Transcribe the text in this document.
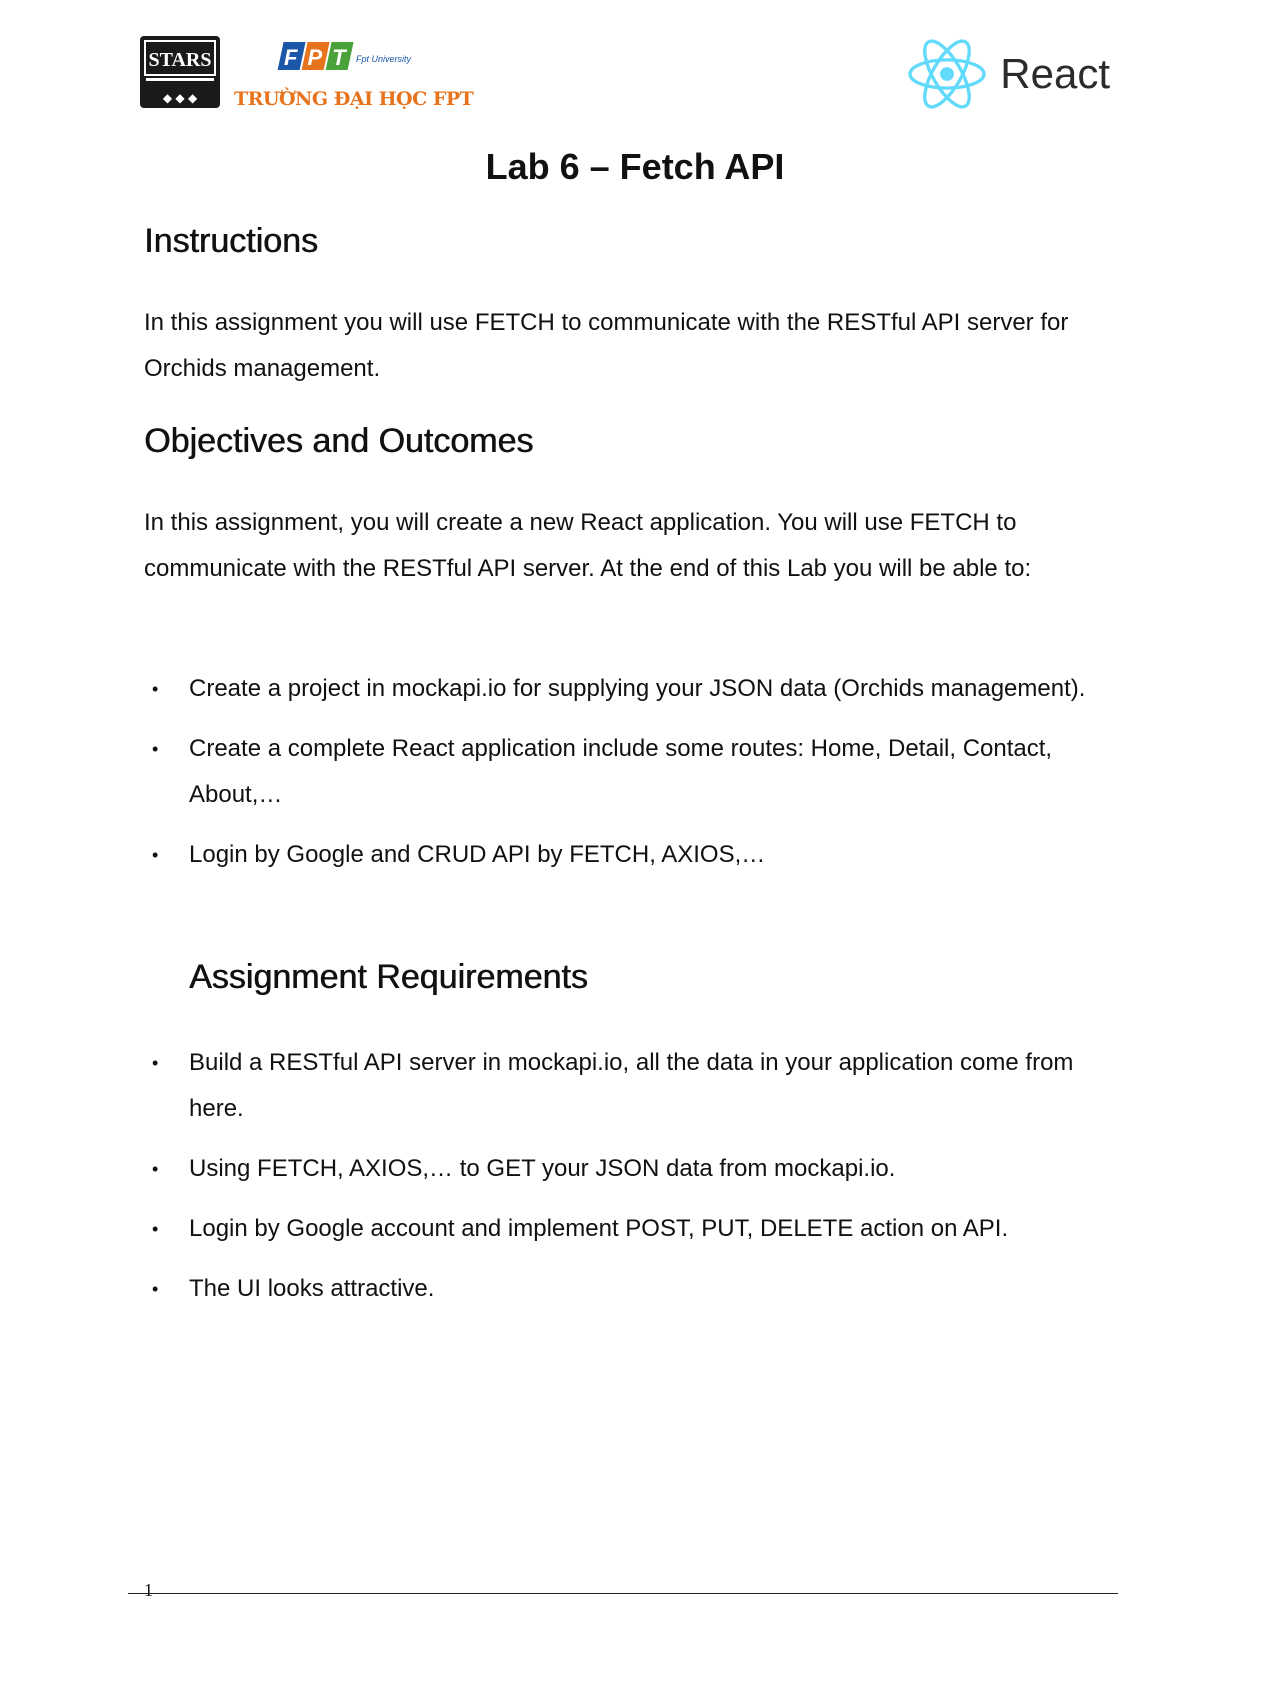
STARS
◆ ◆ ◆
FPT Fpt University
TRƯỜNG ĐẠI HỌC FPT
React
Lab 6 – Fetch API
Instructions

In this assignment you will use FETCH to communicate with the RESTful API server for Orchids management.

Objectives and Outcomes

In this assignment, you will create a new React application. You will use FETCH to communicate with the RESTful API server. At the end of this Lab you will be able to:

• Create a project in mockapi.io for supplying your JSON data (Orchids management).
• Create a complete React application include some routes: Home, Detail, Contact, About,…
• Login by Google and CRUD API by FETCH, AXIOS,…
Assignment Requirements
• Build a RESTful API server in mockapi.io, all the data in your application come from here.
• Using FETCH, AXIOS,… to GET your JSON data from mockapi.io.
• Login by Google account and implement POST, PUT, DELETE action on API.
• The UI looks attractive.
1
